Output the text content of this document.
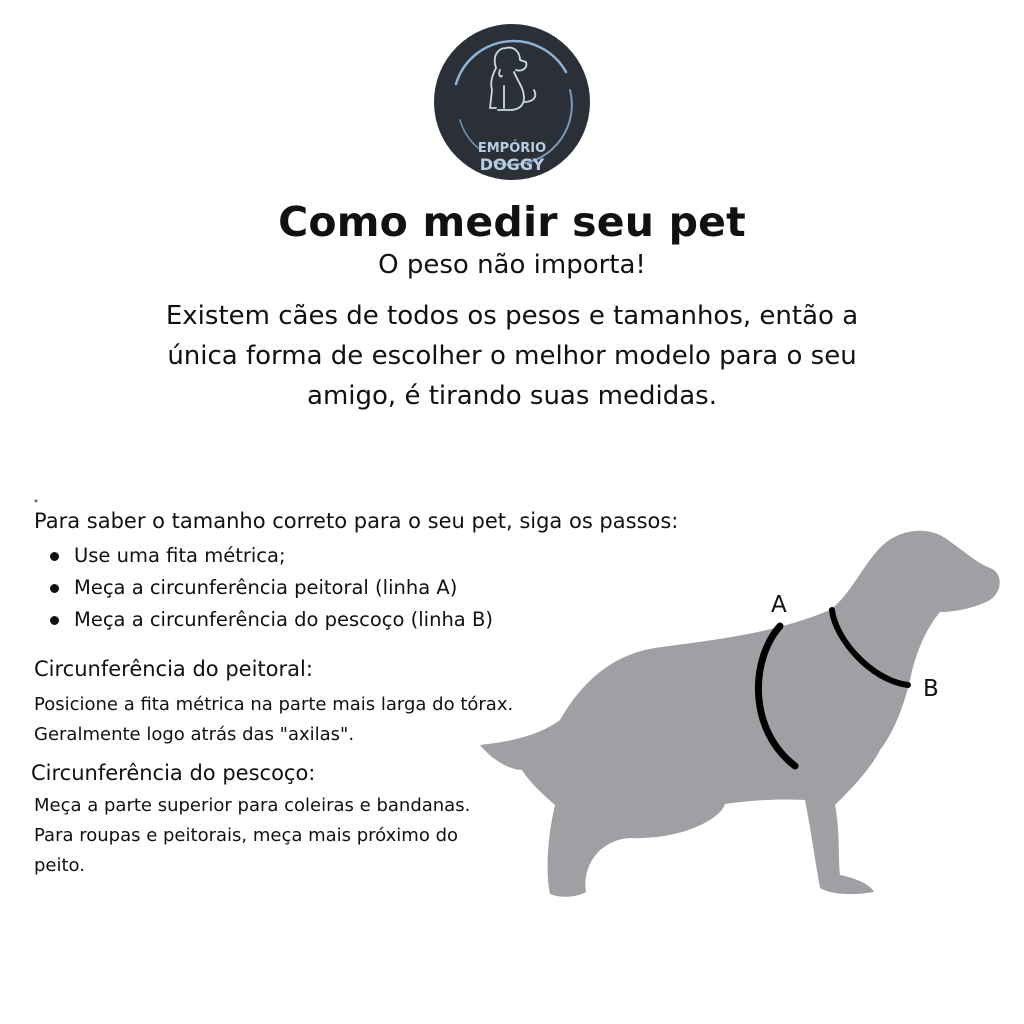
EMPÓRIO
DOGGY
Como medir seu pet

O peso não importa!

Existem cães de todos os pesos e tamanhos, então a única forma de escolher o melhor modelo para o seu amigo, é tirando suas medidas.

*

Para saber o tamanho correto para o seu pet, siga os passos:

Use uma fita métrica;
Meça a circunferência peitoral (linha A)
Meça a circunferência do pescoço (linha B)

Circunferência do peitoral:

Posicione a fita métrica na parte mais larga do tórax.
Geralmente logo atrás das "axilas".

Circunferência do pescoço:

Meça a parte superior para coleiras e bandanas.
Para roupas e peitorais, meça mais próximo do
peito.
A
B
